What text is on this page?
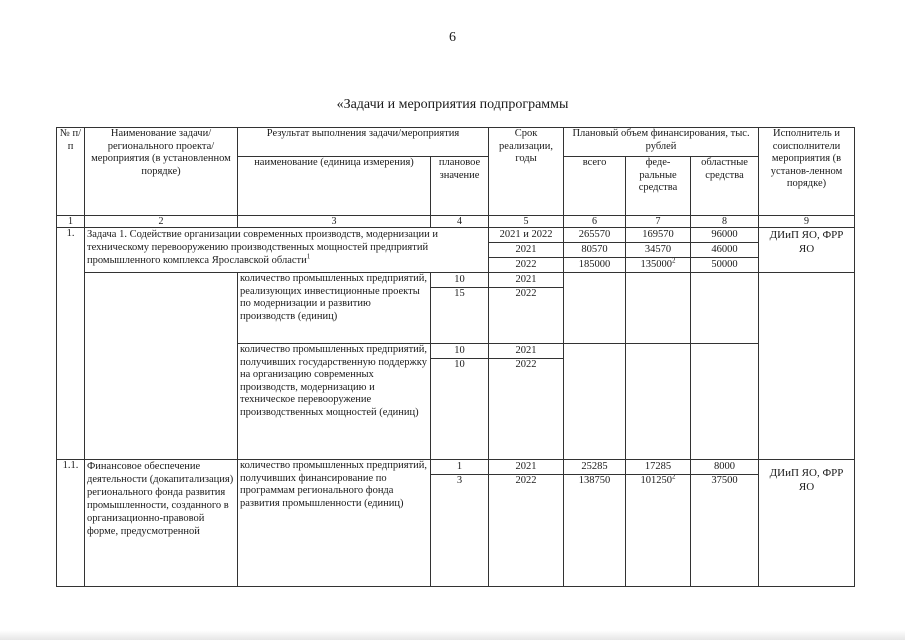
6
«Задачи и мероприятия подпрограммы
№ п/п	Наименование задачи/ регионального проекта/ мероприятия (в установленном порядке)	Результат выполнения задачи/мероприятия		Срок реализации, годы	Плановый объем финансирования, тыс. рублей			Исполнитель и соисполнители мероприятия (в установ-ленном порядке)
		наименование (единица измерения)	плановое значение		всего	феде-ральные средства	областные средства	
1	2	3	4	5	6	7	8	9
1.	Задача 1. Содействие организации современных производств, модернизации и техническому перевооружению производственных мощностей предприятий промышленного комплекса Ярославской области$^1$			2021 и 2022	265570	169570	96000	ДИиП ЯО, ФРР ЯО
				2021	80570	34570	46000	
				2022	185000	135000$^2$	50000	
		количество промышленных предприятий, реализующих инвестиционные проекты по модернизации и развитию производств (единиц)	10	2021				
			15	2022				
		количество промышленных предприятий, получивших государственную поддержку на организацию современных производств, модернизацию и техническое перевооружение производственных мощностей (единиц)	10	2021				
			10	2022				
1.1.	Финансовое обеспечение деятельности (докапитализация) регионального фонда развития промышленности, созданного в организационно-правовой форме, предусмотренной	количество промышленных предприятий, получивших финансирование по программам регионального фонда развития промышленности (единиц)	1	2021	25285	17285	8000	ДИиП ЯО, ФРР ЯО
			3	2022	138750	101250$^2$	37500	
